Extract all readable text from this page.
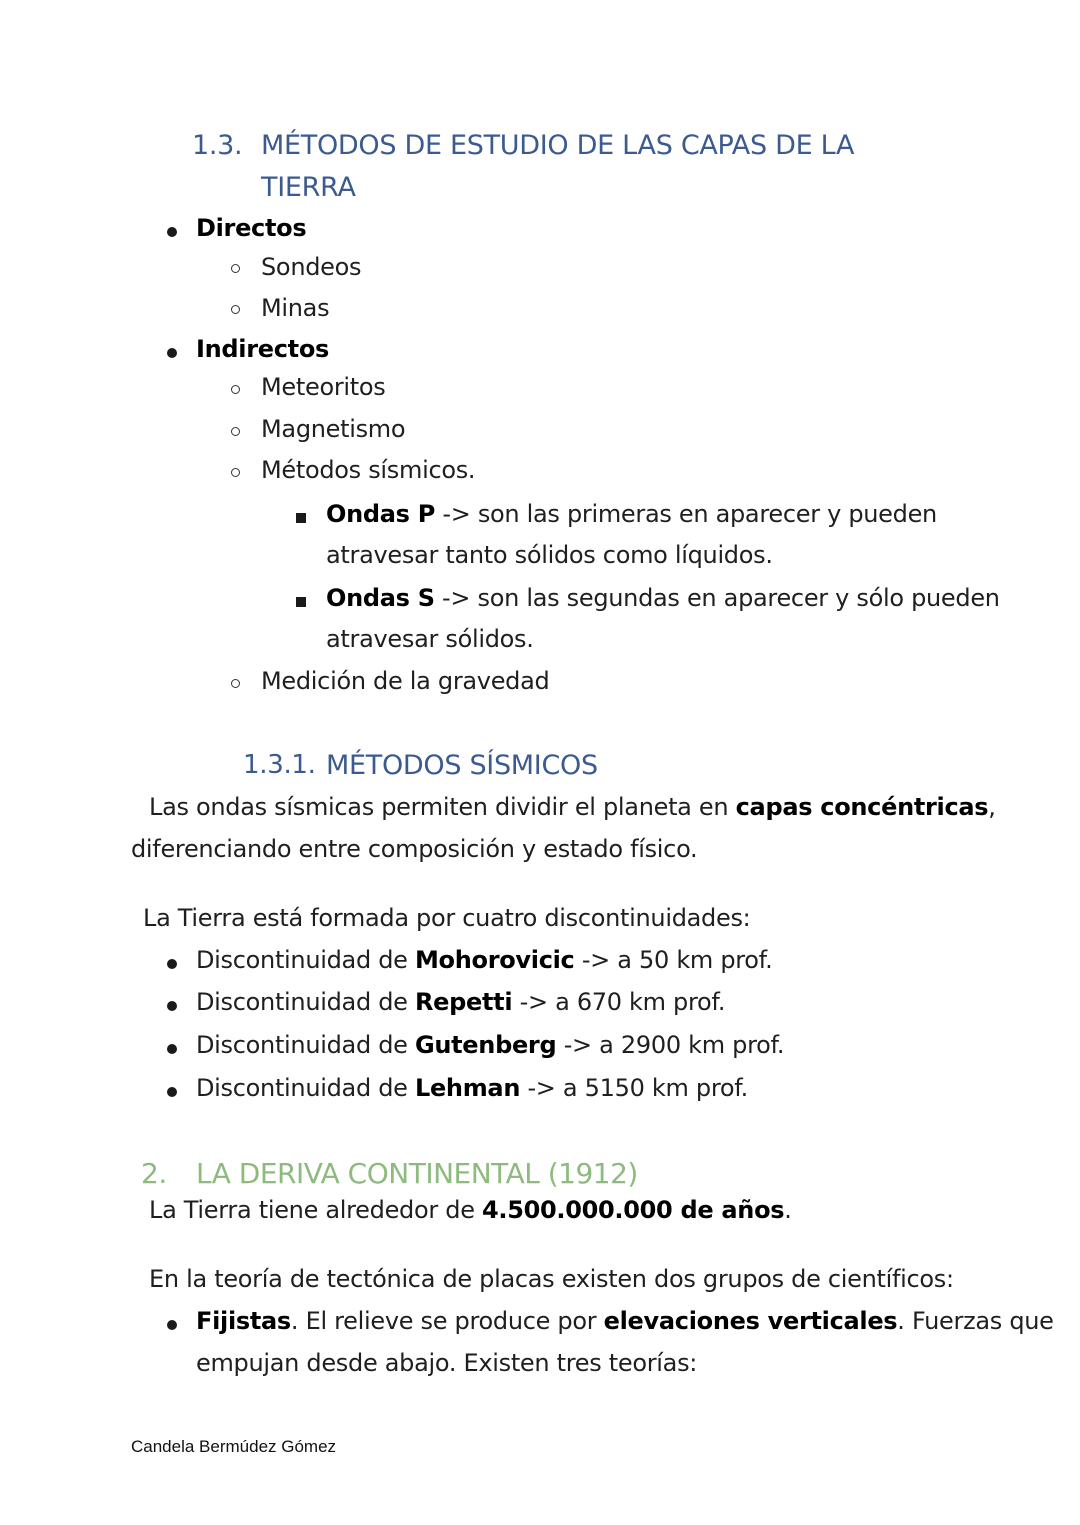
1.3. MÉTODOS DE ESTUDIO DE LAS CAPAS DE LA
TIERRA
Directos
Sondeos
Minas
Indirectos
Meteoritos
Magnetismo
Métodos sísmicos.
Ondas P -> son las primeras en aparecer y pueden
atravesar tanto sólidos como líquidos.
Ondas S -> son las segundas en aparecer y sólo pueden
atravesar sólidos.
Medición de la gravedad
1.3.1. MÉTODOS SÍSMICOS
Las ondas sísmicas permiten dividir el planeta en capas concéntricas,
diferenciando entre composición y estado físico.
La Tierra está formada por cuatro discontinuidades:
Discontinuidad de Mohorovicic -> a 50 km prof.
Discontinuidad de Repetti -> a 670 km prof.
Discontinuidad de Gutenberg -> a 2900 km prof.
Discontinuidad de Lehman -> a 5150 km prof.
2. LA DERIVA CONTINENTAL (1912)
La Tierra tiene alrededor de 4.500.000.000 de años.
En la teoría de tectónica de placas existen dos grupos de científicos:
Fijistas. El relieve se produce por elevaciones verticales. Fuerzas que
empujan desde abajo. Existen tres teorías:
Candela Bermúdez Gómez
